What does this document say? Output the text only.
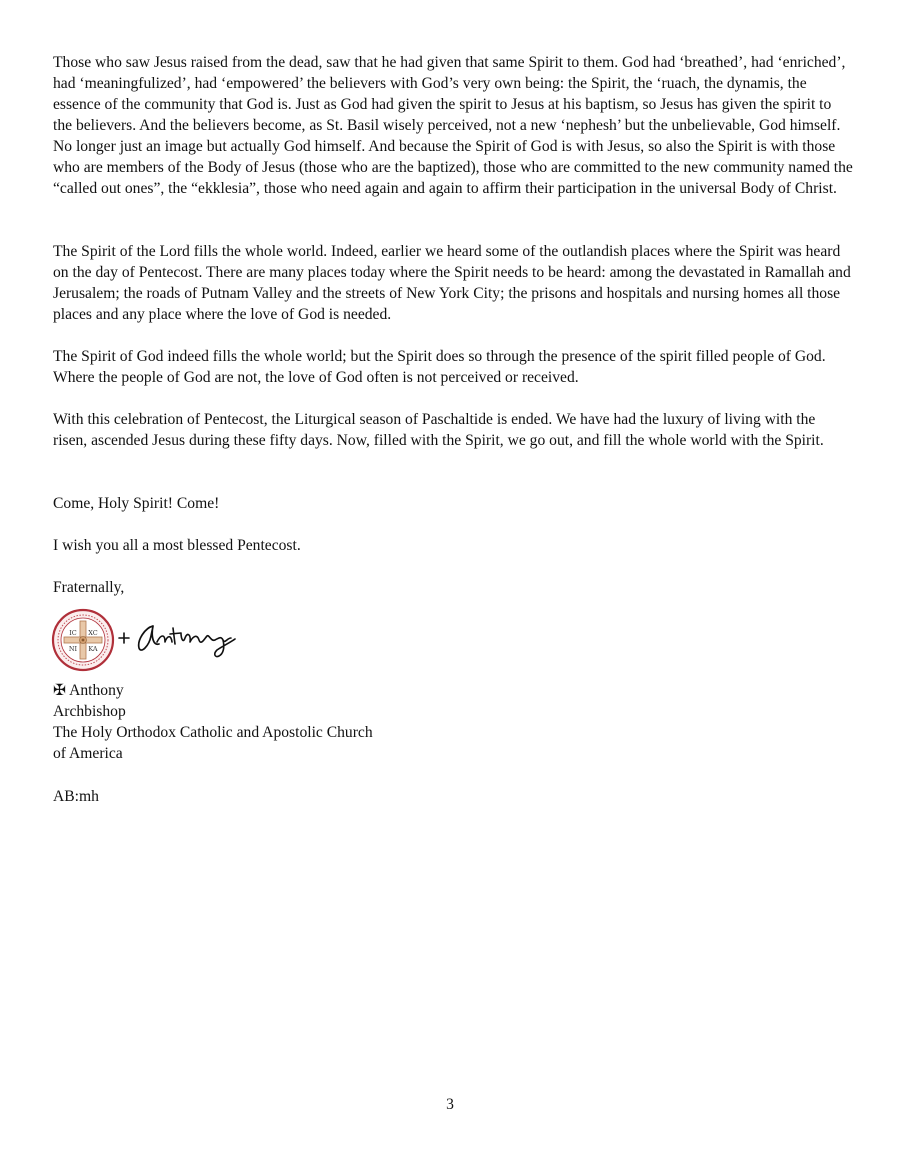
Those who saw Jesus raised from the dead, saw that he had given that same Spirit to them. God had ‘breathed’, had ‘enriched’, had ‘meaningfulized’, had ‘empowered’ the believers with God’s very own being: the Spirit, the ‘ruach, the dynamis, the essence of the community that God is. Just as God had given the spirit to Jesus at his baptism, so Jesus has given the spirit to the believers. And the believers become, as St. Basil wisely perceived, not a new ‘nephesh’ but the unbelievable, God himself. No longer just an image but actually God himself. And because the Spirit of God is with Jesus, so also the Spirit is with those who are members of the Body of Jesus (those who are the baptized), those who are committed to the new community named the “called out ones”, the “ekklesia”, those who need again and again to affirm their participation in the universal Body of Christ.

The Spirit of the Lord fills the whole world. Indeed, earlier we heard some of the outlandish places where the Spirit was heard on the day of Pentecost. There are many places today where the Spirit needs to be heard: among the devastated in Ramallah and Jerusalem; the roads of Putnam Valley and the streets of New York City; the prisons and hospitals and nursing homes all those places and any place where the love of God is needed.

The Spirit of God indeed fills the whole world; but the Spirit does so through the presence of the spirit filled people of God. Where the people of God are not, the love of God often is not perceived or received.

With this celebration of Pentecost, the Liturgical season of Paschaltide is ended. We have had the luxury of living with the risen, ascended Jesus during these fifty days. Now, filled with the Spirit, we go out, and fill the whole world with the Spirit.

Come, Holy Spirit! Come!

I wish you all a most blessed Pentecost.

Fraternally,

IC XC
NI KA
✠ Anthony
Archbishop
The Holy Orthodox Catholic and Apostolic Church
of America
AB:mh
3
